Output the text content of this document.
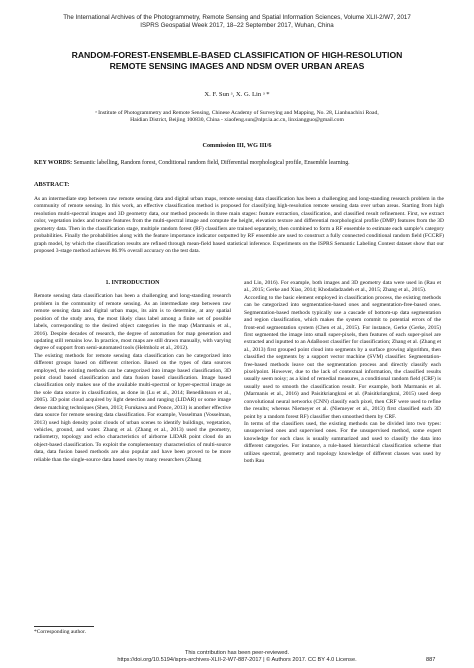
The International Archives of the Photogrammetry, Remote Sensing and Spatial Information Sciences, Volume XLII-2/W7, 2017
ISPRS Geospatial Week 2017, 18–22 September 2017, Wuhan, China
RANDOM-FOREST-ENSEMBLE-BASED CLASSIFICATION OF HIGH-RESOLUTION
REMOTE SENSING IMAGES AND NDSM OVER URBAN AREAS
X. F. Sun ᵃ, X. G. Lin ᵃ *
ᵃ Institute of Photogrammetry and Remote Sensing, Chinese Academy of Surveying and Mapping, No. 28, Lianhuachixi Road,
Haidian District, Beijing 100830, China - xiaofeng.sun@nlpr.ia.ac.cn, linxiangguo@gmail.com
Commission III, WG III/6
KEY WORDS: Semantic labelling, Random forest, Conditional random field, Differential morphological profile, Ensemble learning.
ABSTRACT:
As an intermediate step between raw remote sensing data and digital urban maps, remote sensing data classification has been a challenging and long-standing research problem in the community of remote sensing. In this work, an effective classification method is proposed for classifying high-resolution remote sensing data over urban areas. Starting from high resolution multi-spectral images and 3D geometry data, our method proceeds in three main stages: feature extraction, classification, and classified result refinement. First, we extract color, vegetation index and texture features from the multi-spectral image and compute the height, elevation texture and differential morphological profile (DMP) features from the 3D geometry data. Then in the classification stage, multiple random forest (RF) classifiers are trained separately, then combined to form a RF ensemble to estimate each sample’s category probabilities. Finally the probabilities along with the feature importance indicator outputted by RF ensemble are used to construct a fully connected conditional random field (FCCRF) graph model, by which the classification results are refined through mean-field based statistical inference. Experiments on the ISPRS Semantic Labeling Contest dataset show that our proposed 3-stage method achieves 86.9% overall accuracy on the test data.
1. INTRODUCTION

Remote sensing data classification has been a challenging and long-standing research problem in the community of remote sensing. As an intermediate step between raw remote sensing data and digital urban maps, its aim is to determine, at any spatial position of the study area, the most likely class label among a finite set of possible labels, corresponding to the desired object categories in the map (Marmanis et al., 2016). Despite decades of research, the degree of automation for map generation and updating still remains low. In practice, most maps are still drawn manually, with varying degree of support from semi-automated tools (Helmholz et al., 2012).

The existing methods for remote sensing data classification can be categorized into different groups based on different criterion. Based on the types of data sources employed, the existing methods can be categorized into image based classification, 3D point cloud based classification and data fusion based classification. Image based classification only makes use of the available multi-spectral or hyper-spectral image as the sole data source in classification, as done in (Lu et al., 2014; Benediktsson et al., 2005). 3D point cloud acquired by light detection and ranging (LIDAR) or some image dense matching techniques (Shen, 2013; Furukawa and Ponce, 2013) is another effective data source for remote sensing data classification. For example, Vosselman (Vosselman, 2013) used high density point clouds of urban scenes to identify buildings, vegetation, vehicles, ground, and water. Zhang et al. (Zhang et al., 2013) used the geometry, radiometry, topology and echo characteristics of airborne LIDAR point cloud do an object-based classification. To exploit the complementary characteristics of multi-source data, data fusion based methods are also popular and have been proved to be more reliable than the single-source data based ones by many researchers (Zhang

and Lin, 2016). For example, both images and 3D geometry data were used in (Rau et al., 2015; Gerke and Xiao, 2014; Khodadadzadeh et al., 2015; Zhang et al., 2015).

According to the basic element employed in classification process, the existing methods can be categorized into segmentation-based ones and segmentation-free-based ones. Segmentation-based methods typically use a cascade of bottom-up data segmentation and region classification, which makes the system commit to potential errors of the front-end segmentation system (Chen et al., 2015). For instance, Gerke (Gerke, 2015) first segmented the image into small super-pixels, then features of each super-pixel are extracted and inputted to an AdaBoost classifier for classification; Zhang et al. (Zhang et al., 2013) first grouped point cloud into segments by a surface growing algorithm, then classified the segments by a support vector machine (SVM) classifier. Segmentation-free-based methods leave out the segmentation process and directly classify each pixel/point. However, due to the lack of contextual information, the classified results usually seem noisy; as a kind of remedial measures, a conditional random field (CRF) is usually used to smooth the classification result. For example, both Marmanis et al. (Marmanis et al., 2016) and Paisitkriangkrai et al. (Paisitkriangkrai, 2015) used deep convolutional neural networks (CNN) classify each pixel, then CRF were used to refine the results; whereas Niemeyer et al. (Niemeyer et al., 2013) first classified each 3D point by a random forest RF) classifier then smoothed them by CRF.

In terms of the classifiers used, the existing methods can be divided into two types: unsupervised ones and supervised ones. For the unsupervised method, some expert knowledge for each class is usually summarized and used to classify the data into different categories. For instance, a rule-based hierarchical classification scheme that utilizes spectral, geometry and topology knowledge of different classes was used by both Rau

*Corresponding author.
This contribution has been peer-reviewed.
https://doi.org/10.5194/isprs-archives-XLII-2-W7-887-2017 | © Authors 2017. CC BY 4.0 License.	887
